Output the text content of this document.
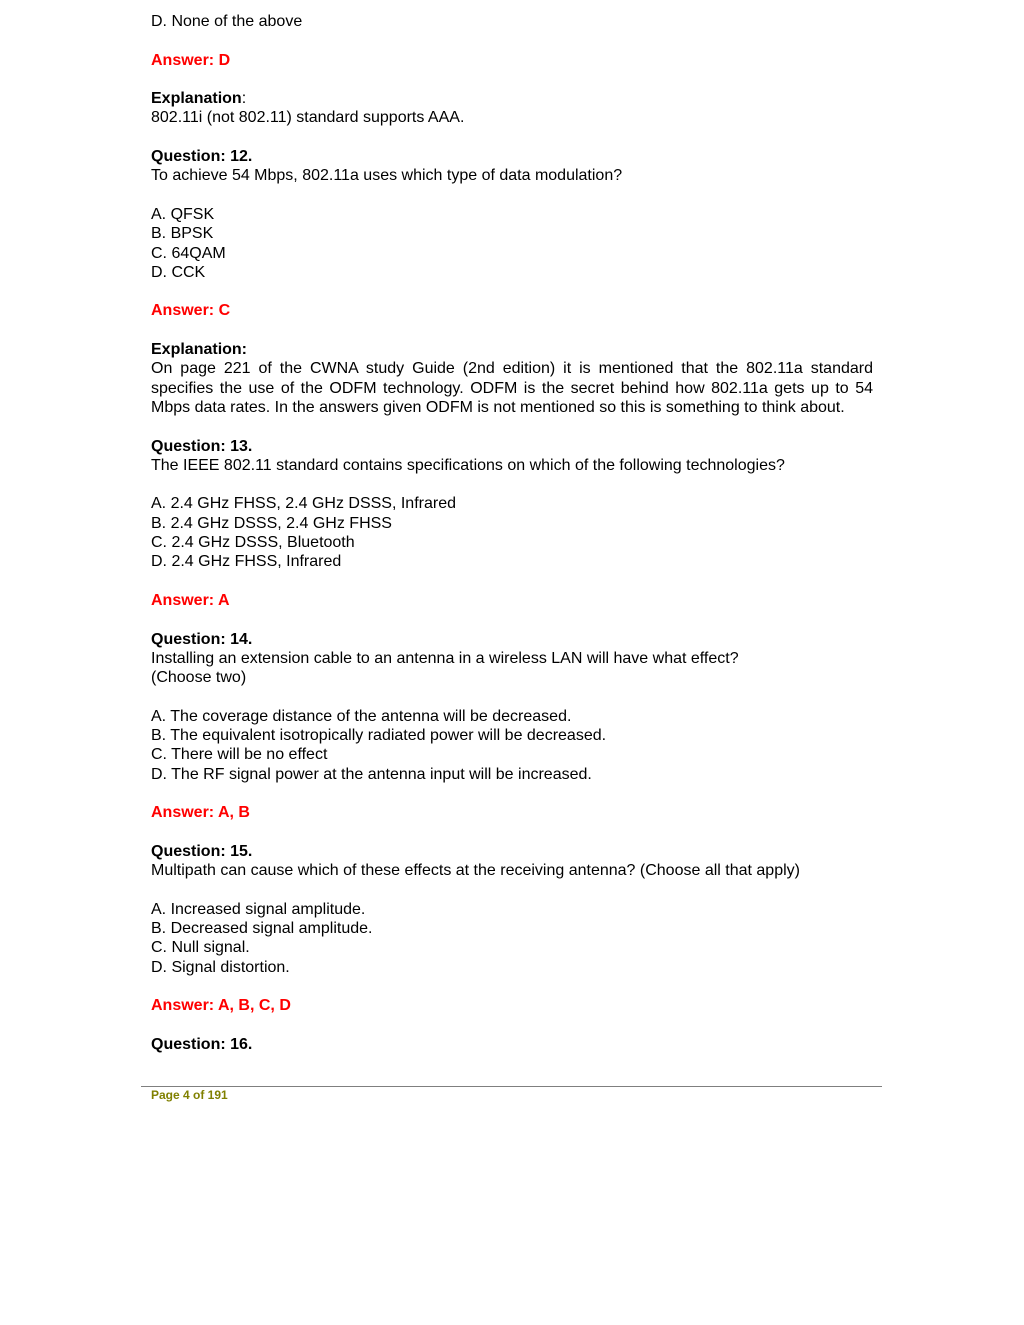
D. None of the above

Answer: D

Explanation:

802.11i (not 802.11) standard supports AAA.

Question: 12.

To achieve 54 Mbps, 802.11a uses which type of data modulation?

A. QFSK

B. BPSK

C. 64QAM

D. CCK

Answer: C

Explanation:

On page 221 of the CWNA study Guide (2nd edition) it is mentioned that the 802.11a standard specifies the use of the ODFM technology. ODFM is the secret behind how 802.11a gets up to 54 Mbps data rates. In the answers given ODFM is not mentioned so this is something to think about.

Question: 13.

The IEEE 802.11 standard contains specifications on which of the following technologies?

A. 2.4 GHz FHSS, 2.4 GHz DSSS, Infrared

B. 2.4 GHz DSSS, 2.4 GHz FHSS

C. 2.4 GHz DSSS, Bluetooth

D. 2.4 GHz FHSS, Infrared

Answer: A

Question: 14.

Installing an extension cable to an antenna in a wireless LAN will have what effect?

(Choose two)

A. The coverage distance of the antenna will be decreased.

B. The equivalent isotropically radiated power will be decreased.

C. There will be no effect

D. The RF signal power at the antenna input will be increased.

Answer: A, B

Question: 15.

Multipath can cause which of these effects at the receiving antenna? (Choose all that apply)

A. Increased signal amplitude.

B. Decreased signal amplitude.

C. Null signal.

D. Signal distortion.

Answer: A, B, C, D

Question: 16.

Page 4 of 191
